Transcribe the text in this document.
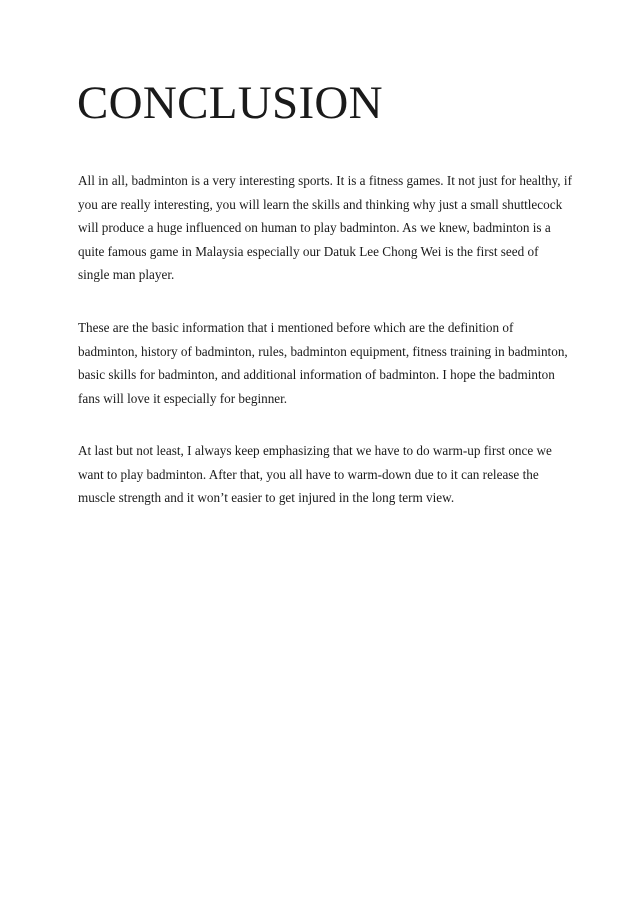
CONCLUSION

All in all, badminton is a very interesting sports. It is a fitness games. It not just for healthy, if
you are really interesting, you will learn the skills and thinking why just a small shuttlecock
will produce a huge influenced on human to play badminton. As we knew, badminton is a
quite famous game in Malaysia especially our Datuk Lee Chong Wei is the first seed of
single man player.

These are the basic information that i mentioned before which are the definition of
badminton, history of badminton, rules, badminton equipment, fitness training in badminton,
basic skills for badminton, and additional information of badminton. I hope the badminton
fans will love it especially for beginner.

At last but not least, I always keep emphasizing that we have to do warm-up first once we
want to play badminton. After that, you all have to warm-down due to it can release the
muscle strength and it won’t easier to get injured in the long term view.
